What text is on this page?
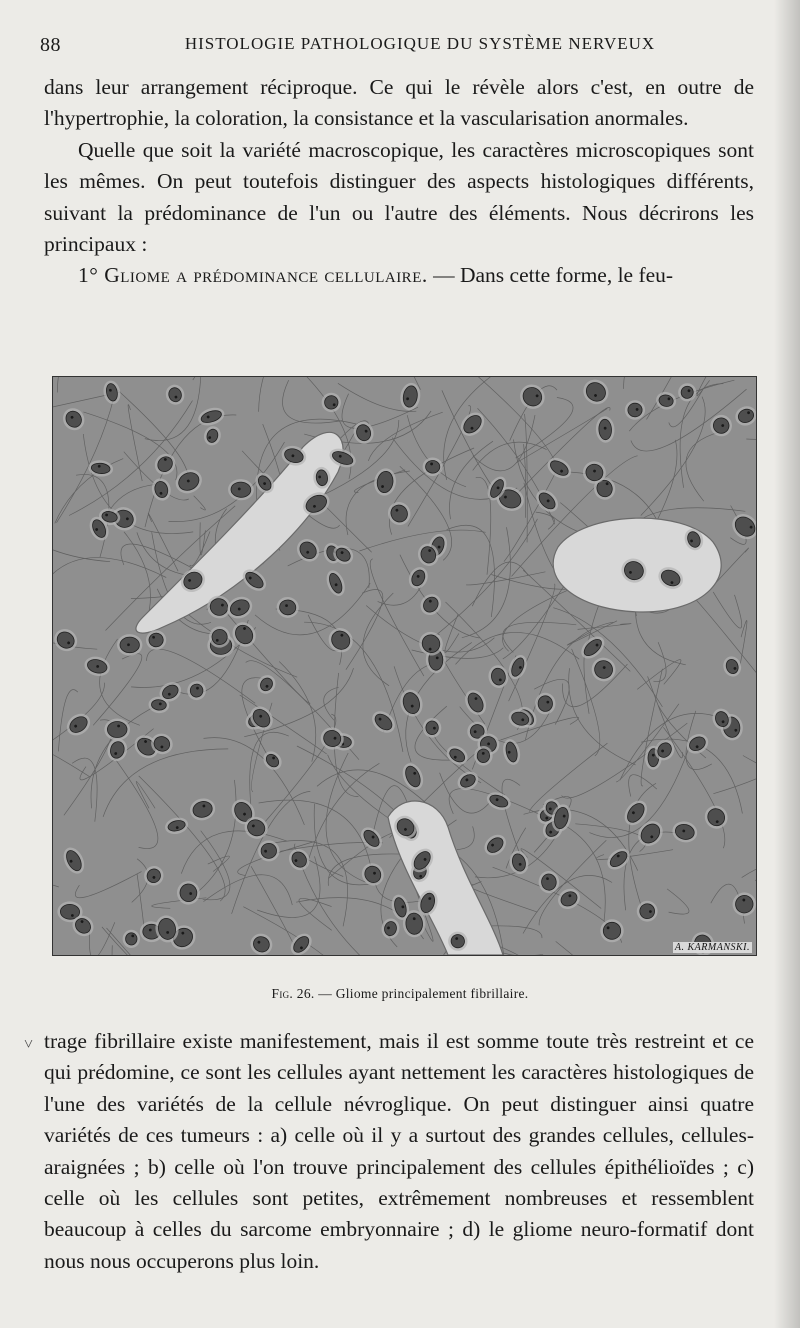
88	HISTOLOGIE PATHOLOGIQUE DU SYSTÈME NERVEUX

dans leur arrangement réciproque. Ce qui le révèle alors c'est, en outre de l'hypertrophie, la coloration, la consistance et la vascularisation anormales.

Quelle que soit la variété macroscopique, les caractères microscopiques sont les mêmes. On peut toutefois distinguer des aspects histologiques différents, suivant la prédominance de l'un ou l'autre des éléments. Nous décrirons les principaux :

1° Gliome a prédominance cellulaire. — Dans cette forme, le feu-

A. KARMANSKI.
Fig. 26. — Gliome principalement fibrillaire.
˅ trage fibrillaire existe manifestement, mais il est somme toute très restreint et ce qui prédomine, ce sont les cellules ayant nettement les caractères histologiques de l'une des variétés de la cellule névroglique. On peut distinguer ainsi quatre variétés de ces tumeurs : a) celle où il y a surtout des grandes cellules, cellules-araignées ; b) celle où l'on trouve principalement des cellules épithélioïdes ; c) celle où les cellules sont petites, extrêmement nombreuses et ressemblent beaucoup à celles du sarcome embryonnaire ; d) le gliome neuro-formatif dont nous nous occuperons plus loin.
